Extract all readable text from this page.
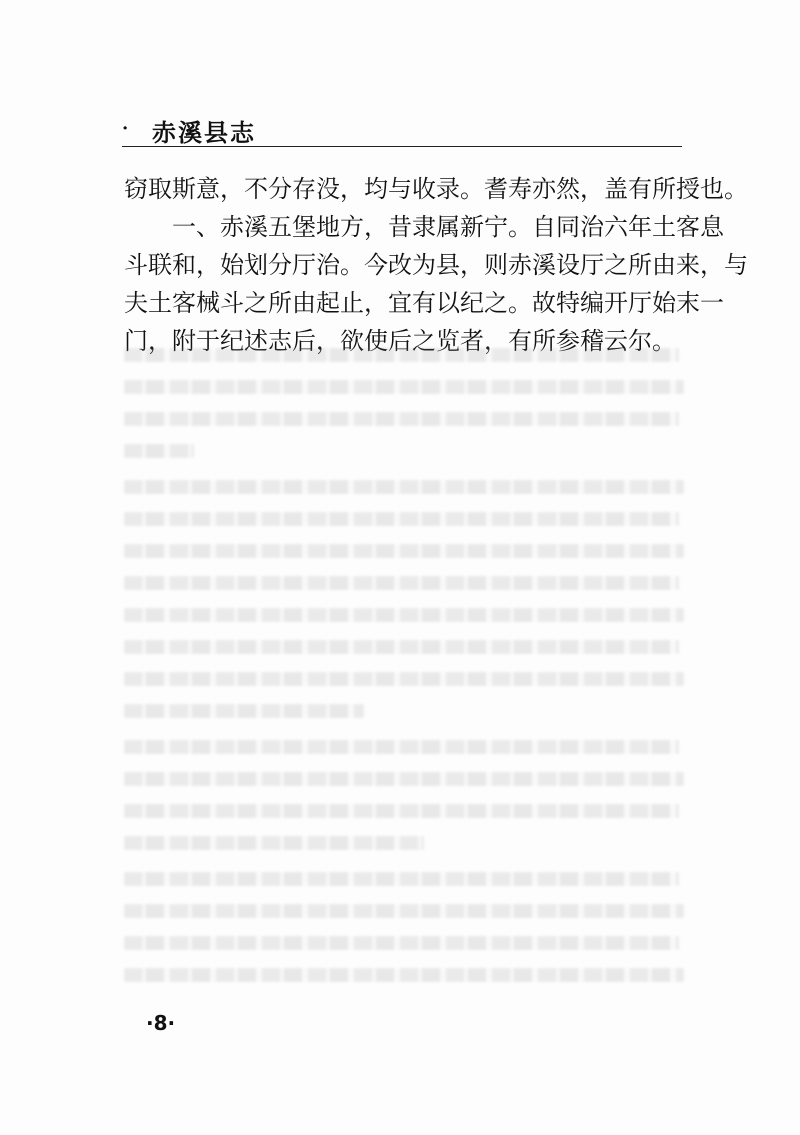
· 赤溪县志
窃取斯意，不分存没，均与收录。耆寿亦然，盖有所授也。
一、赤溪五堡地方，昔隶属新宁。自同治六年土客息
斗联和，始划分厅治。今改为县，则赤溪设厅之所由来，与
夫土客械斗之所由起止，宜有以纪之。故特编开厅始末一
门，附于纪述志后，欲使后之览者，有所参稽云尔。
·8·
